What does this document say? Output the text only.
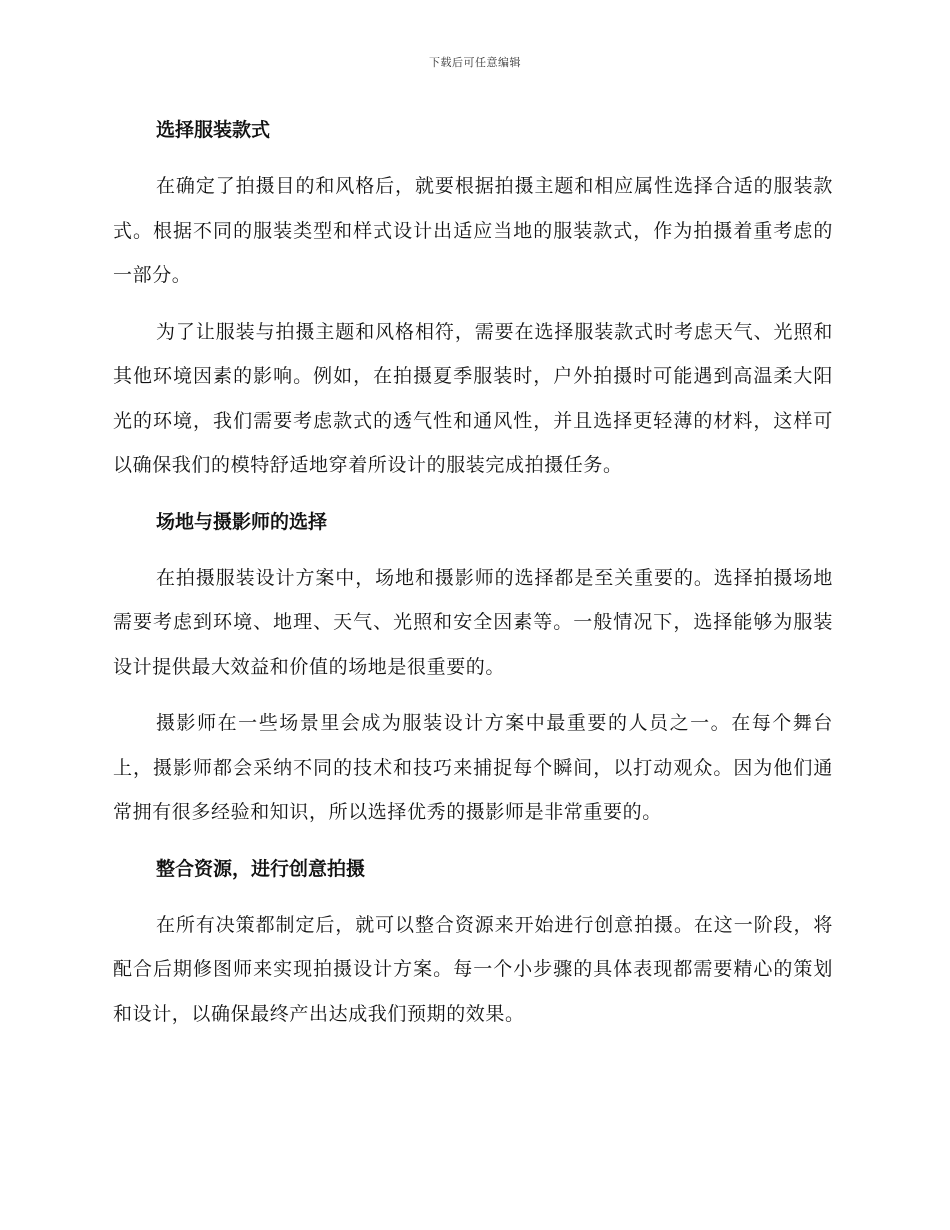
下载后可任意编辑
选择服装款式

在确定了拍摄目的和风格后，就要根据拍摄主题和相应属性选择合适的服装款式。根据不同的服装类型和样式设计出适应当地的服装款式，作为拍摄着重考虑的一部分。

为了让服装与拍摄主题和风格相符，需要在选择服装款式时考虑天气、光照和其他环境因素的影响。例如，在拍摄夏季服装时，户外拍摄时可能遇到高温柔大阳光的环境，我们需要考虑款式的透气性和通风性，并且选择更轻薄的材料，这样可以确保我们的模特舒适地穿着所设计的服装完成拍摄任务。

场地与摄影师的选择

在拍摄服装设计方案中，场地和摄影师的选择都是至关重要的。选择拍摄场地需要考虑到环境、地理、天气、光照和安全因素等。一般情况下，选择能够为服装设计提供最大效益和价值的场地是很重要的。

摄影师在一些场景里会成为服装设计方案中最重要的人员之一。在每个舞台上，摄影师都会采纳不同的技术和技巧来捕捉每个瞬间，以打动观众。因为他们通常拥有很多经验和知识，所以选择优秀的摄影师是非常重要的。

整合资源，进行创意拍摄

在所有决策都制定后，就可以整合资源来开始进行创意拍摄。在这一阶段，将配合后期修图师来实现拍摄设计方案。每一个小步骤的具体表现都需要精心的策划和设计，以确保最终产出达成我们预期的效果。
